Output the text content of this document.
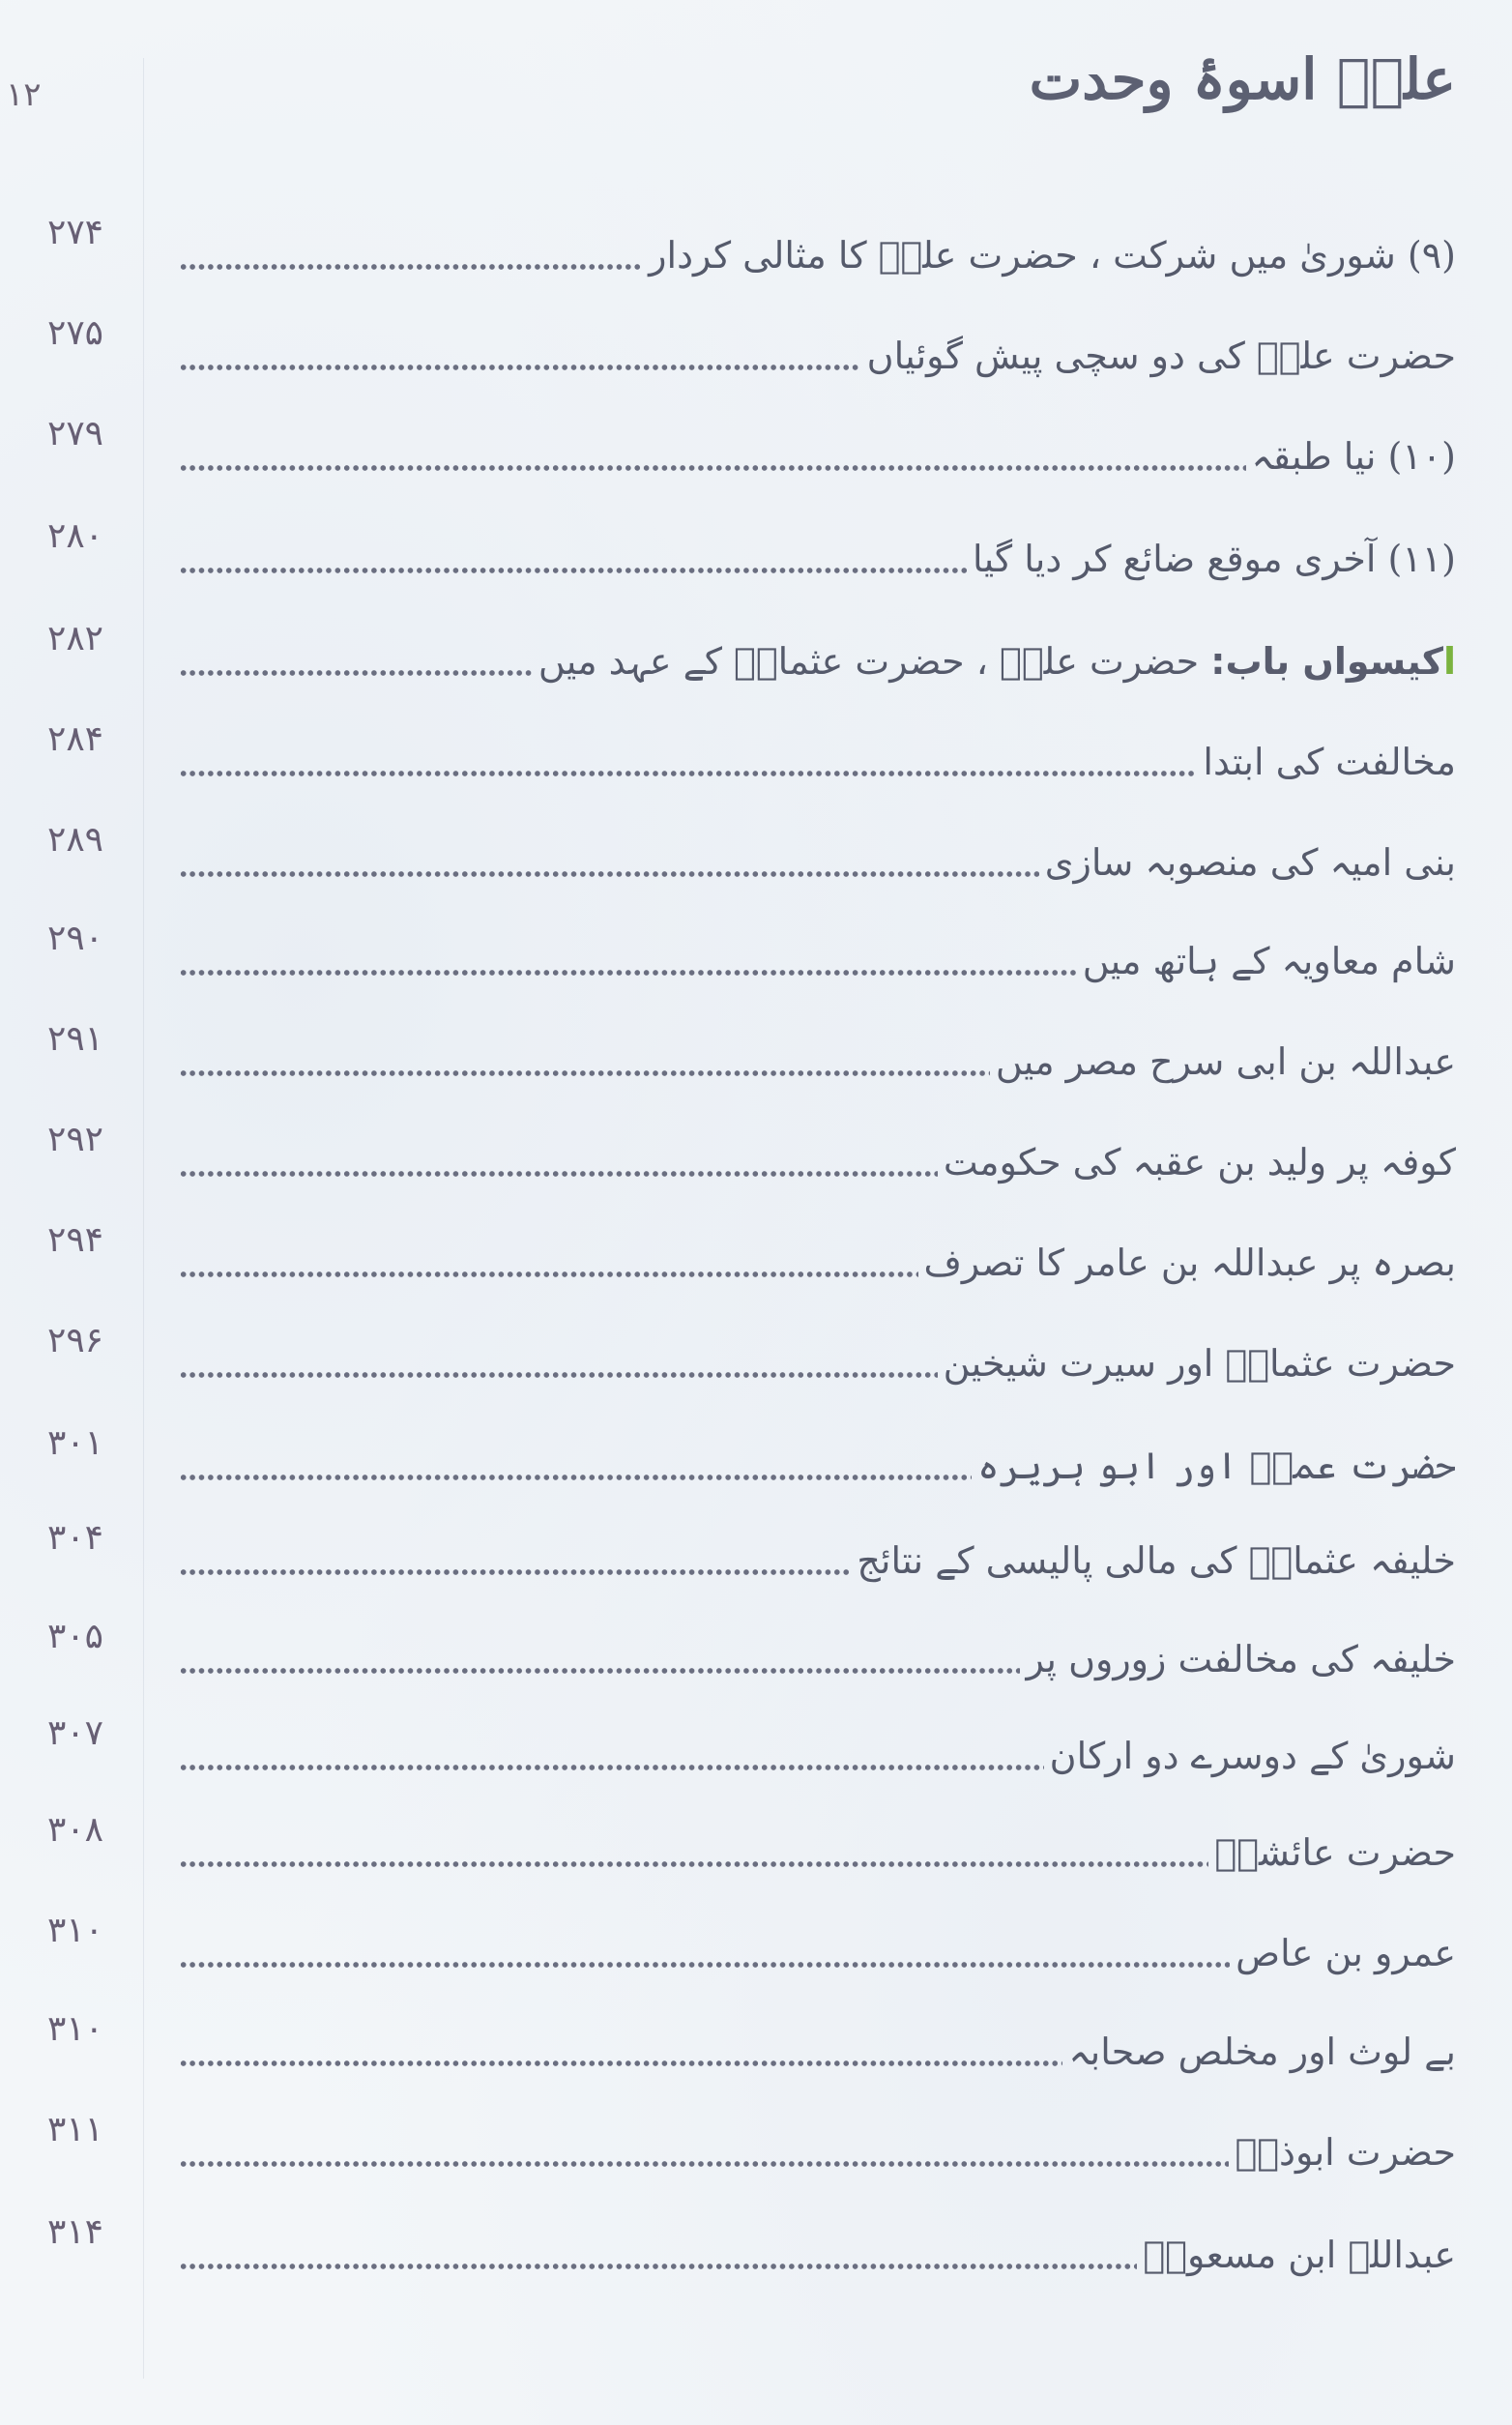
۱۲	علیؑ اسوۂ وحدت
۲۷۴
(۹) شوریٰ میں شرکت ، حضرت علیؑ کا مثالی کردار
۲۷۵
حضرت علیؑ کی دو سچی پیش گوئیاں
۲۷۹
(۱۰) نیا طبقہ
۲۸۰
(۱۱) آخری موقع ضائع کر دیا گیا
۲۸۲
اکیسواں باب: حضرت علیؑ ، حضرت عثمانؓ کے عہد میں
۲۸۴
مخالفت کی ابتدا
۲۸۹
بنی امیہ کی منصوبہ سازی
۲۹۰
شام معاویہ کے ہاتھ میں
۲۹۱
عبداللہ بن ابی سرح مصر میں
۲۹۲
کوفہ پر ولید بن عقبہ کی حکومت
۲۹۴
بصرہ پر عبداللہ بن عامر کا تصرف
۲۹۶
حضرت عثمانؓ اور سیرت شیخین
۳۰۱
حضرت عمرؓ اور ابو ہریرہ
۳۰۴
خلیفہ عثمانؓ کی مالی پالیسی کے نتائج
۳۰۵
خلیفہ کی مخالفت زوروں پر
۳۰۷
شوریٰ کے دوسرے دو ارکان
۳۰۸
حضرت عائشہؓ
۳۱۰
عمرو بن عاص
۳۱۰
بے لوث اور مخلص صحابہ
۳۱۱
حضرت ابوذرؓ
۳۱۴
عبداللہ ابن مسعودؓ
